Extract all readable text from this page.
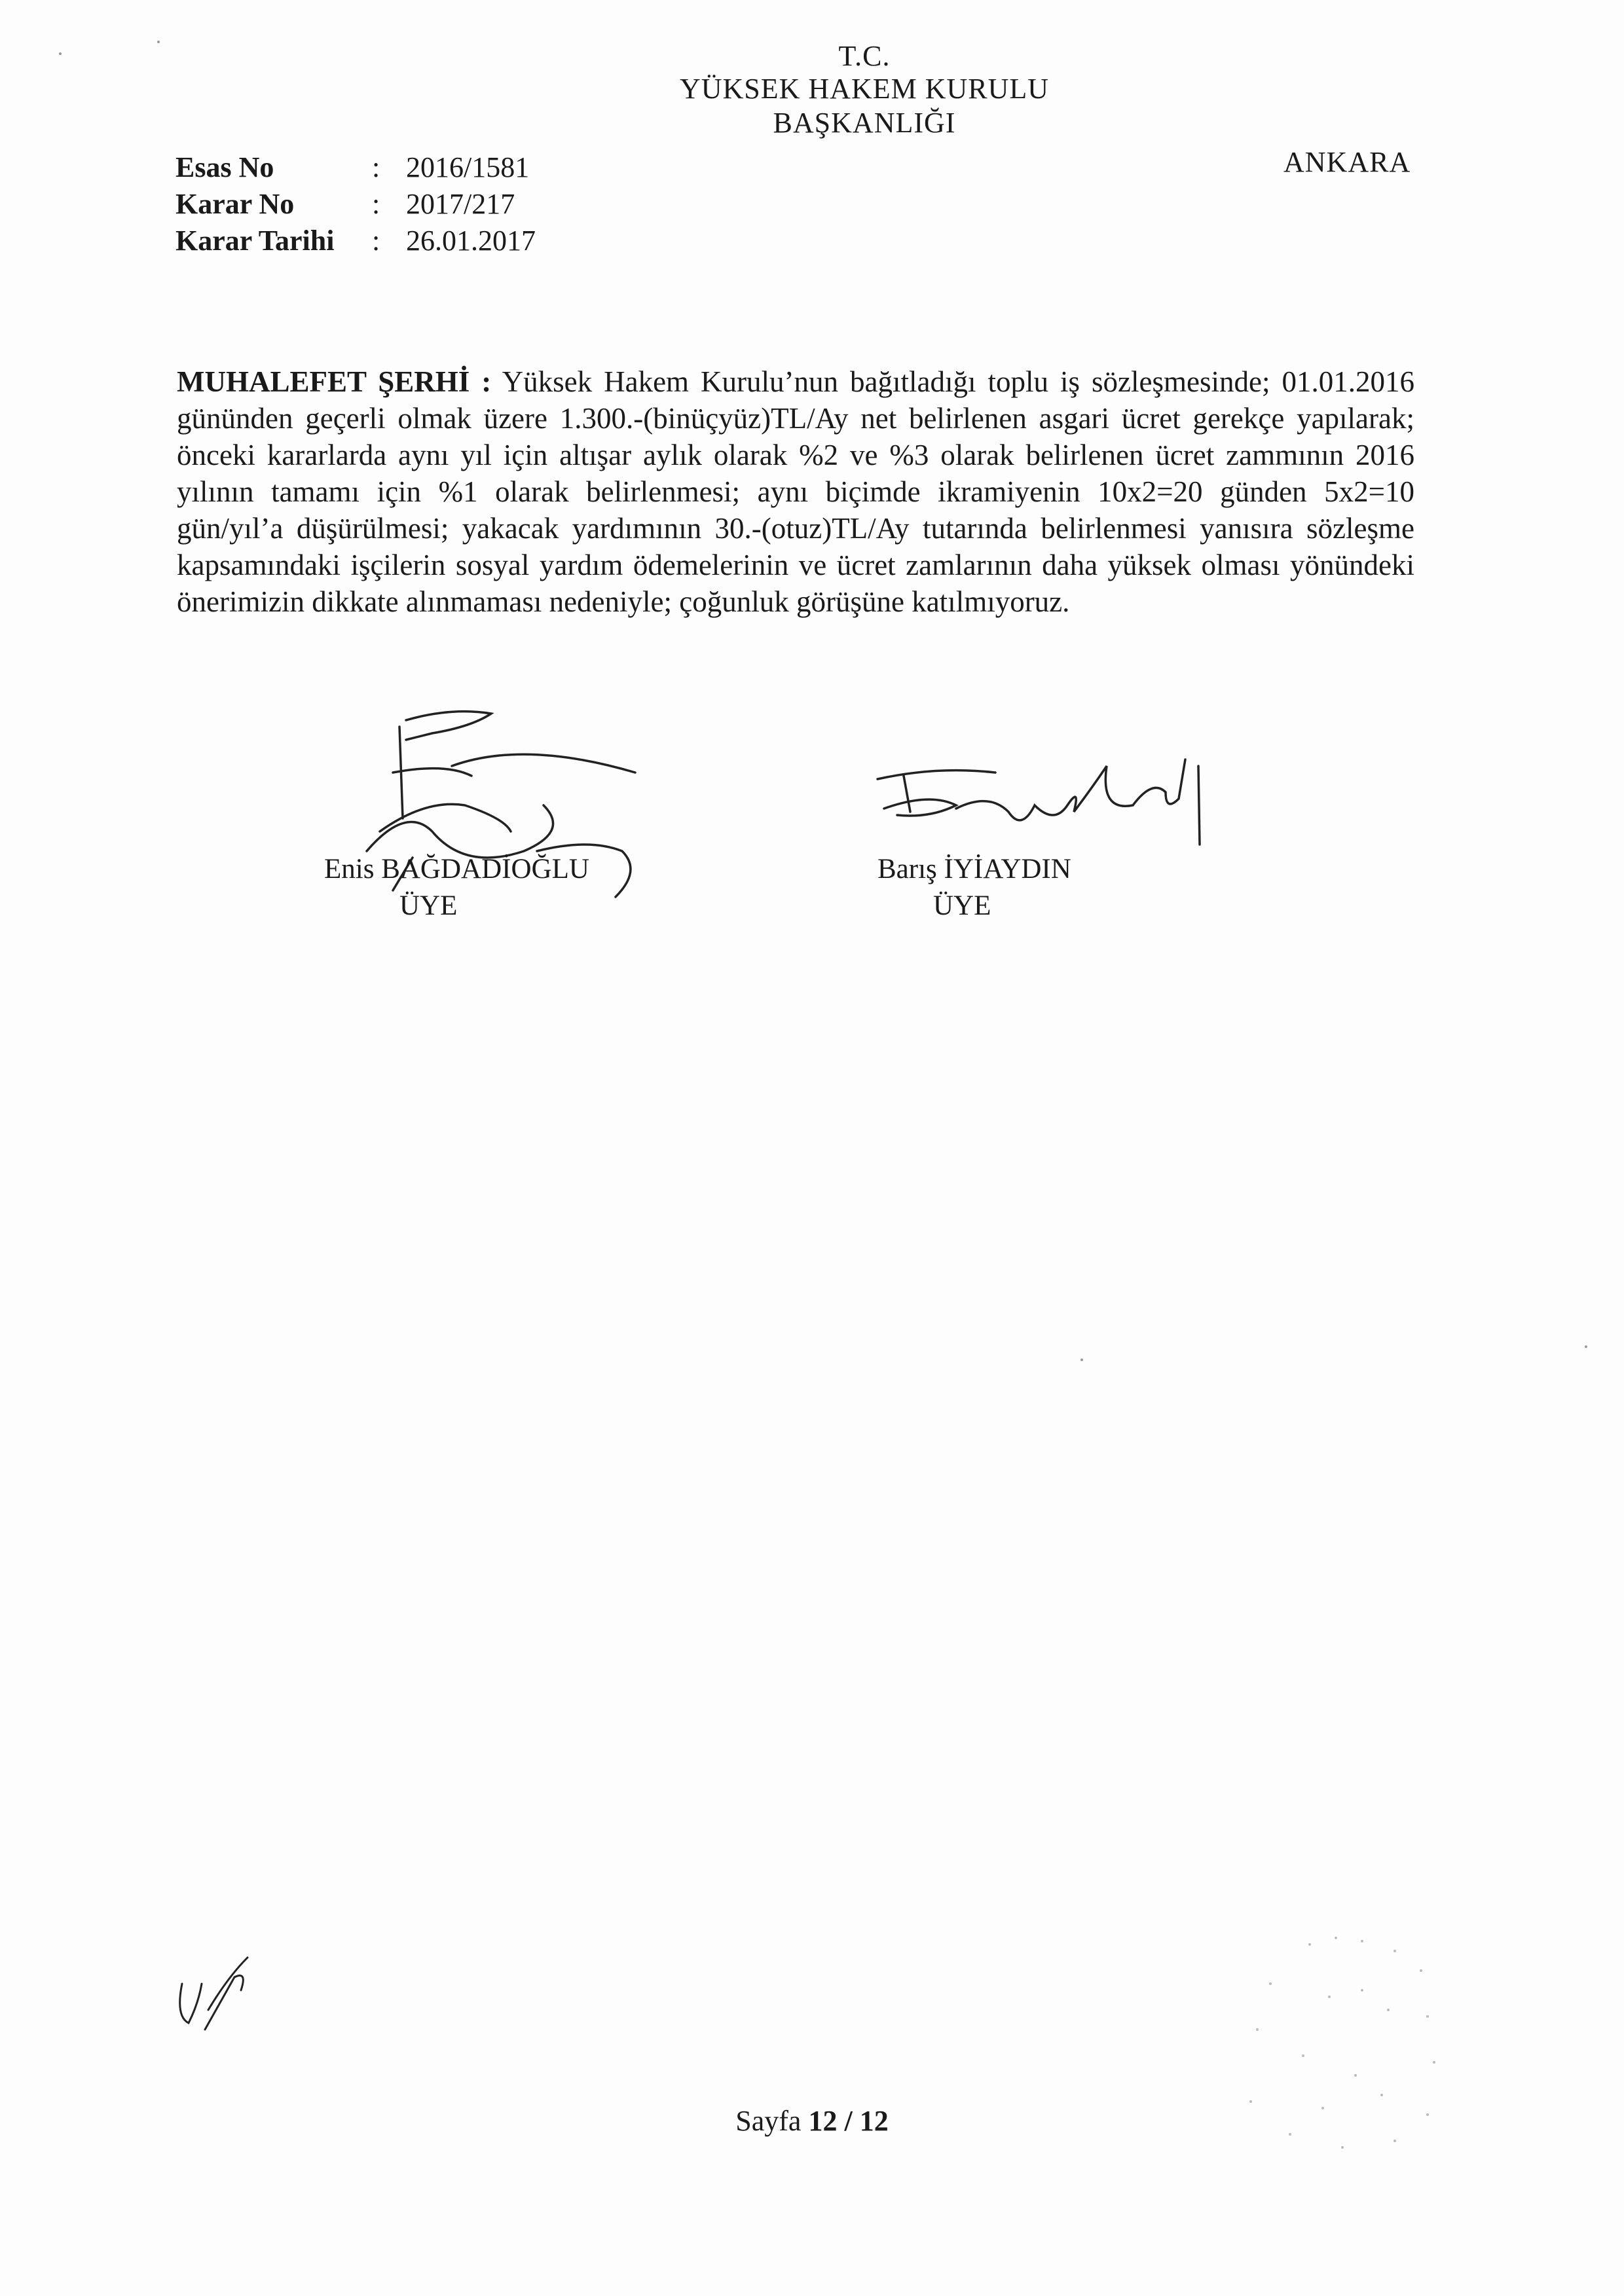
T.C.
YÜKSEK HAKEM KURULU
BAŞKANLIĞI
Esas No	: 2016/1581
Karar No	: 2017/217
Karar Tarihi	: 26.01.2017
ANKARA
MUHALEFET ŞERHİ : Yüksek Hakem Kurulu’nun bağıtladığı toplu iş sözleşmesinde; 01.01.2016 gününden geçerli olmak üzere 1.300.-(binüçyüz)TL/Ay net belirlenen asgari ücret gerekçe yapılarak; önceki kararlarda aynı yıl için altışar aylık olarak %2 ve %3 olarak belirlenen ücret zammının 2016 yılının tamamı için %1 olarak belirlenmesi; aynı biçimde ikramiyenin 10x2=20 günden 5x2=10 gün/yıl’a düşürülmesi; yakacak yardımının 30.-(otuz)TL/Ay tutarında belirlenmesi yanısıra sözleşme kapsamındaki işçilerin sosyal yardım ödemelerinin ve ücret zamlarının daha yüksek olması yönündeki önerimizin dikkate alınmaması nedeniyle; çoğunluk görüşüne katılmıyoruz.
Enis BAĞDADİOĞLU
ÜYE
Barış İYİAYDIN
ÜYE
Sayfa 12 / 12
